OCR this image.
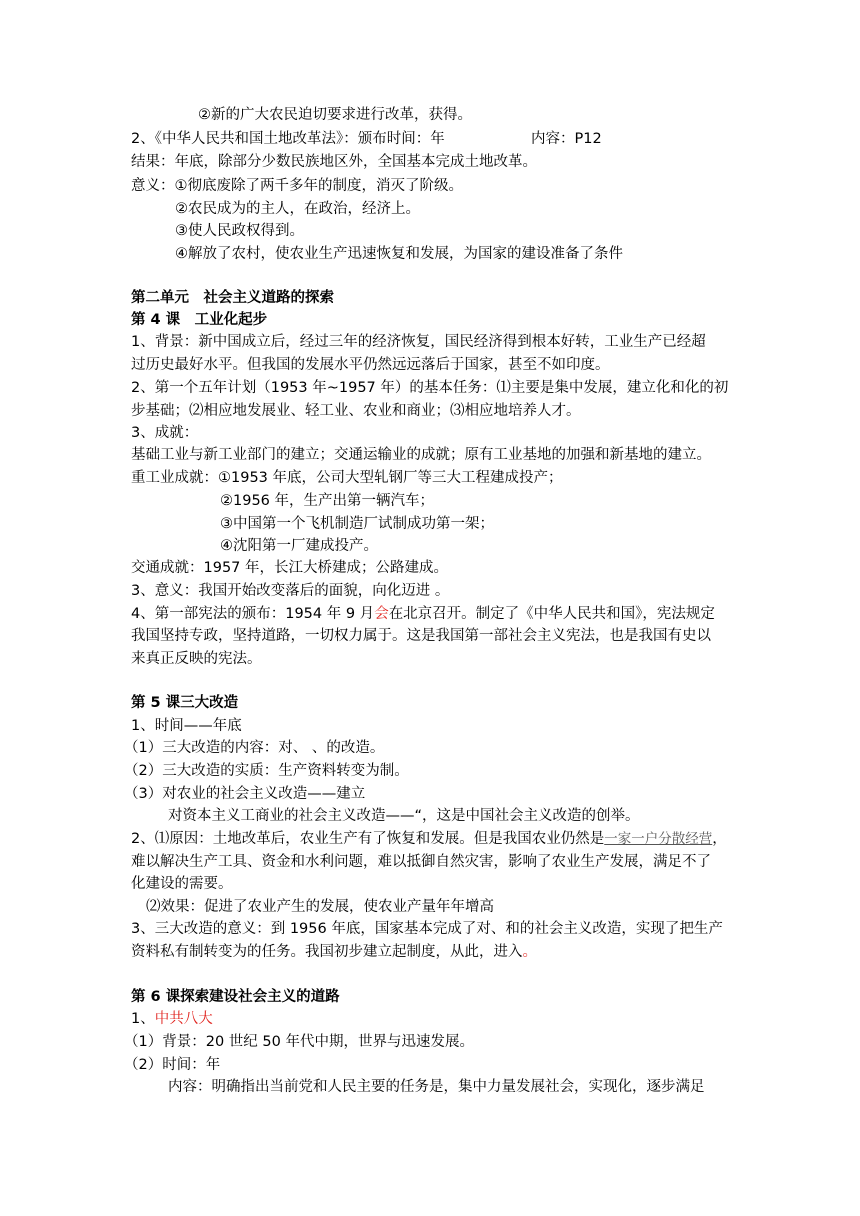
②新的广大农民迫切要求进行改革，获得。
2、《中华人民共和国土地改革法》：颁布时间：年	内容：P12
结果：年底，除部分少数民族地区外，全国基本完成土地改革。
意义：①彻底废除了两千多年的制度，消灭了阶级。
②农民成为的主人，在政治，经济上。
③使人民政权得到。
④解放了农村，使农业生产迅速恢复和发展，为国家的建设准备了条件
第二单元　社会主义道路的探索
第 4 课　工业化起步
1、背景：新中国成立后，经过三年的经济恢复，国民经济得到根本好转，工业生产已经超
过历史最好水平。但我国的发展水平仍然远远落后于国家，甚至不如印度。
2、第一个五年计划（1953 年~1957 年）的基本任务：⑴主要是集中发展，建立化和化的初
步基础；⑵相应地发展业、轻工业、农业和商业；⑶相应地培养人才。
3、成就：
基础工业与新工业部门的建立；交通运输业的成就；原有工业基地的加强和新基地的建立。
重工业成就：①1953 年底，公司大型轧钢厂等三大工程建成投产；
②1956 年，生产出第一辆汽车；
③中国第一个飞机制造厂试制成功第一架；
④沈阳第一厂建成投产。
交通成就：1957 年，长江大桥建成；公路建成。
3、意义：我国开始改变落后的面貌，向化迈进 。
4、第一部宪法的颁布：1954 年 9 月会在北京召开。制定了《中华人民共和国》，宪法规定
我国坚持专政，坚持道路，一切权力属于。这是我国第一部社会主义宪法，也是我国有史以
来真正反映的宪法。
第 5 课三大改造
1、时间——年底
（1）三大改造的内容：对、 、的改造。
（2）三大改造的实质：生产资料转变为制。
（3）对农业的社会主义改造——建立
对资本主义工商业的社会主义改造——“，这是中国社会主义改造的创举。
2、⑴原因：土地改革后，农业生产有了恢复和发展。但是我国农业仍然是一家一户分散经营，
难以解决生产工具、资金和水利问题，难以抵御自然灾害，影响了农业生产发展，满足不了
化建设的需要。
⑵效果：促进了农业产生的发展，使农业产量年年增高
3、三大改造的意义：到 1956 年底，国家基本完成了对、和的社会主义改造，实现了把生产
资料私有制转变为的任务。我国初步建立起制度，从此，进入。
第 6 课探索建设社会主义的道路
1、中共八大
（1）背景：20 世纪 50 年代中期，世界与迅速发展。
（2）时间：年
内容：明确指出当前党和人民主要的任务是，集中力量发展社会，实现化，逐步满足
